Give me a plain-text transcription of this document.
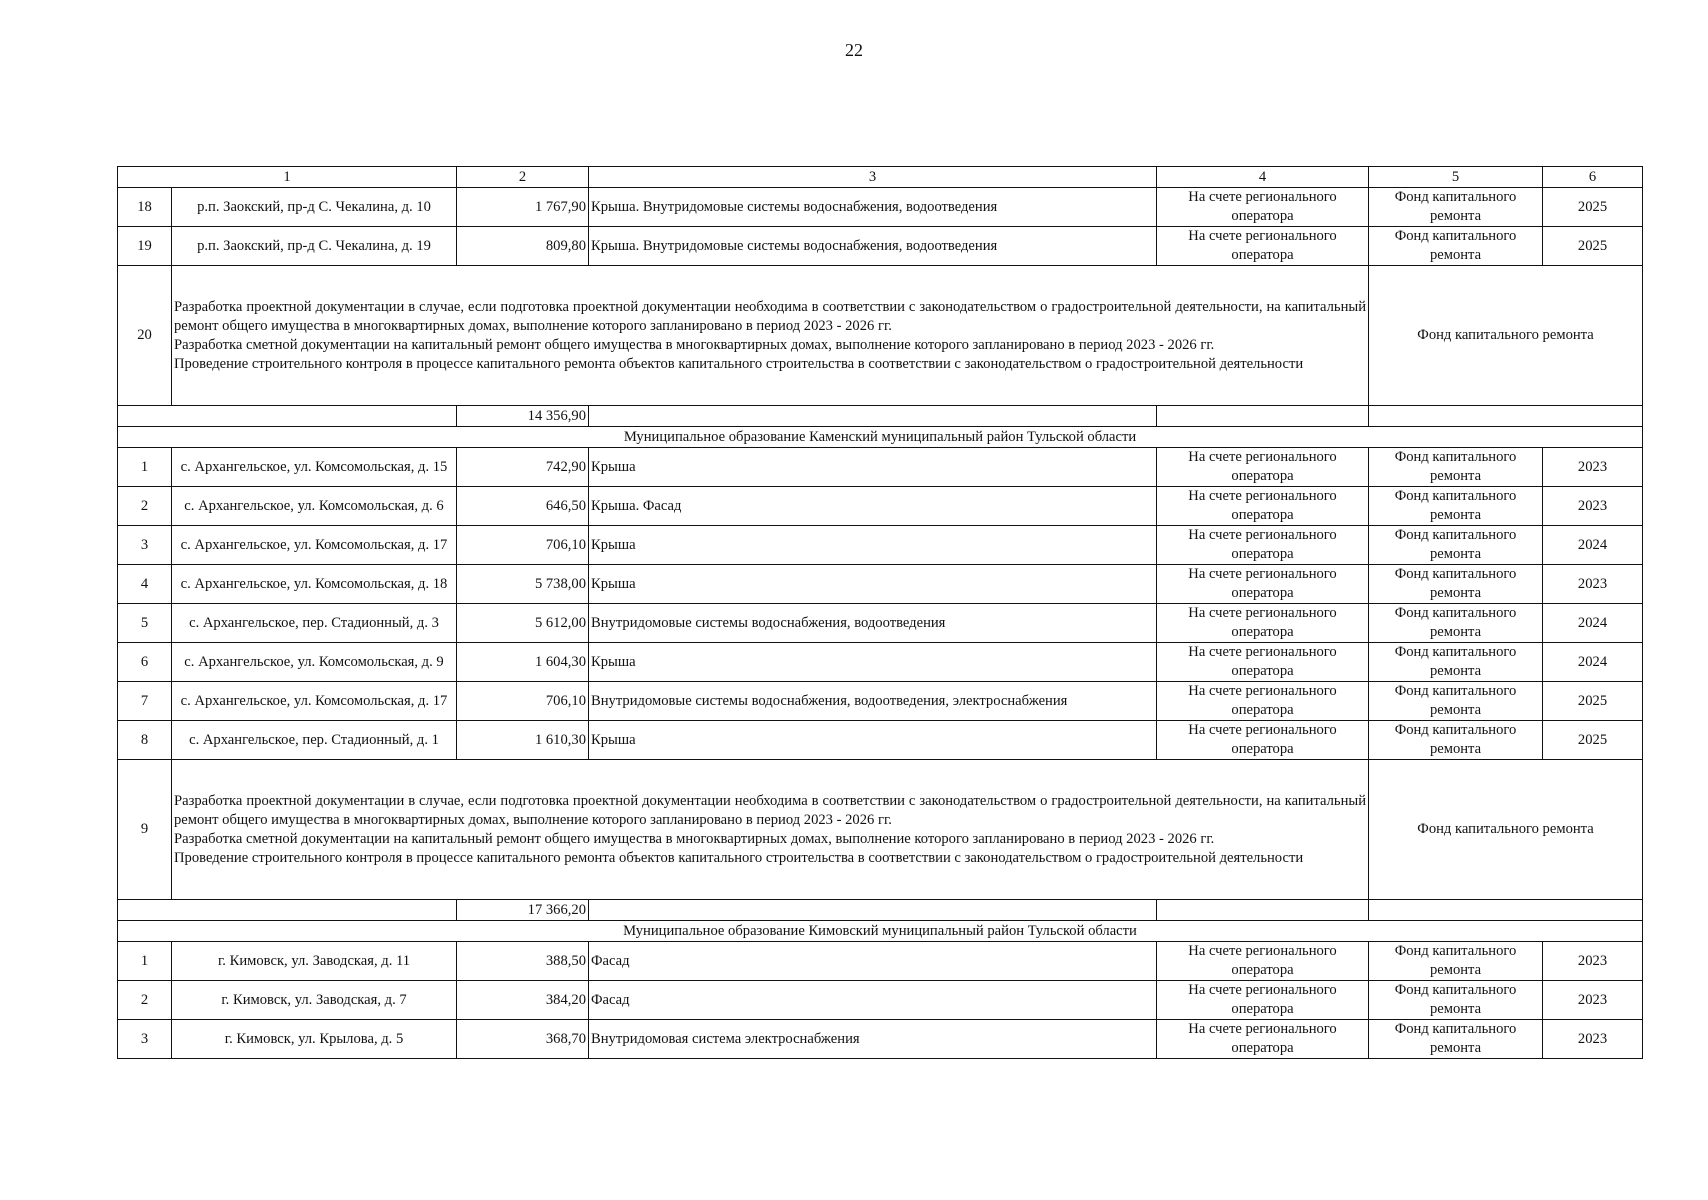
22
1		2	3	4	5	6
18	р.п. Заокский, пр-д С. Чекалина, д. 10	1 767,90	Крыша. Внутридомовые системы водоснабжения, водоотведения	На счете регионального оператора	Фонд капитального ремонта	2025
19	р.п. Заокский, пр-д С. Чекалина, д. 19	809,80	Крыша. Внутридомовые системы водоснабжения, водоотведения	На счете регионального оператора	Фонд капитального ремонта	2025
20	Разработка проектной документации в случае, если подготовка проектной документации необходима в соответствии с законодательством о градостроительной деятельности, на капитальный ремонт общего имущества в многоквартирных домах, выполнение которого запланировано в период 2023 - 2026 гг.

Разработка сметной документации на капитальный ремонт общего имущества в многоквартирных домах, выполнение которого запланировано в период 2023 - 2026 гг.

Проведение строительного контроля в процессе капитального ремонта объектов капитального строительства в соответствии с законодательством о градостроительной деятельности				Фонд капитального ремонта	
		14 356,90				
Муниципальное образование Каменский муниципальный район Тульской области						
1	с. Архангельское, ул. Комсомольская, д. 15	742,90	Крыша	На счете регионального оператора	Фонд капитального ремонта	2023
2	с. Архангельское, ул. Комсомольская, д. 6	646,50	Крыша. Фасад	На счете регионального оператора	Фонд капитального ремонта	2023
3	с. Архангельское, ул. Комсомольская, д. 17	706,10	Крыша	На счете регионального оператора	Фонд капитального ремонта	2024
4	с. Архангельское, ул. Комсомольская, д. 18	5 738,00	Крыша	На счете регионального оператора	Фонд капитального ремонта	2023
5	с. Архангельское, пер. Стадионный, д. 3	5 612,00	Внутридомовые системы водоснабжения, водоотведения	На счете регионального оператора	Фонд капитального ремонта	2024
6	с. Архангельское, ул. Комсомольская, д. 9	1 604,30	Крыша	На счете регионального оператора	Фонд капитального ремонта	2024
7	с. Архангельское, ул. Комсомольская, д. 17	706,10	Внутридомовые системы водоснабжения, водоотведения, электроснабжения	На счете регионального оператора	Фонд капитального ремонта	2025
8	с. Архангельское, пер. Стадионный, д. 1	1 610,30	Крыша	На счете регионального оператора	Фонд капитального ремонта	2025
9	Разработка проектной документации в случае, если подготовка проектной документации необходима в соответствии с законодательством о градостроительной деятельности, на капитальный ремонт общего имущества в многоквартирных домах, выполнение которого запланировано в период 2023 - 2026 гг.

Разработка сметной документации на капитальный ремонт общего имущества в многоквартирных домах, выполнение которого запланировано в период 2023 - 2026 гг.

Проведение строительного контроля в процессе капитального ремонта объектов капитального строительства в соответствии с законодательством о градостроительной деятельности				Фонд капитального ремонта	
		17 366,20				
Муниципальное образование Кимовский муниципальный район Тульской области						
1	г. Кимовск, ул. Заводская, д. 11	388,50	Фасад	На счете регионального оператора	Фонд капитального ремонта	2023
2	г. Кимовск, ул. Заводская, д. 7	384,20	Фасад	На счете регионального оператора	Фонд капитального ремонта	2023
3	г. Кимовск, ул. Крылова, д. 5	368,70	Внутридомовая система электроснабжения	На счете регионального оператора	Фонд капитального ремонта	2023
